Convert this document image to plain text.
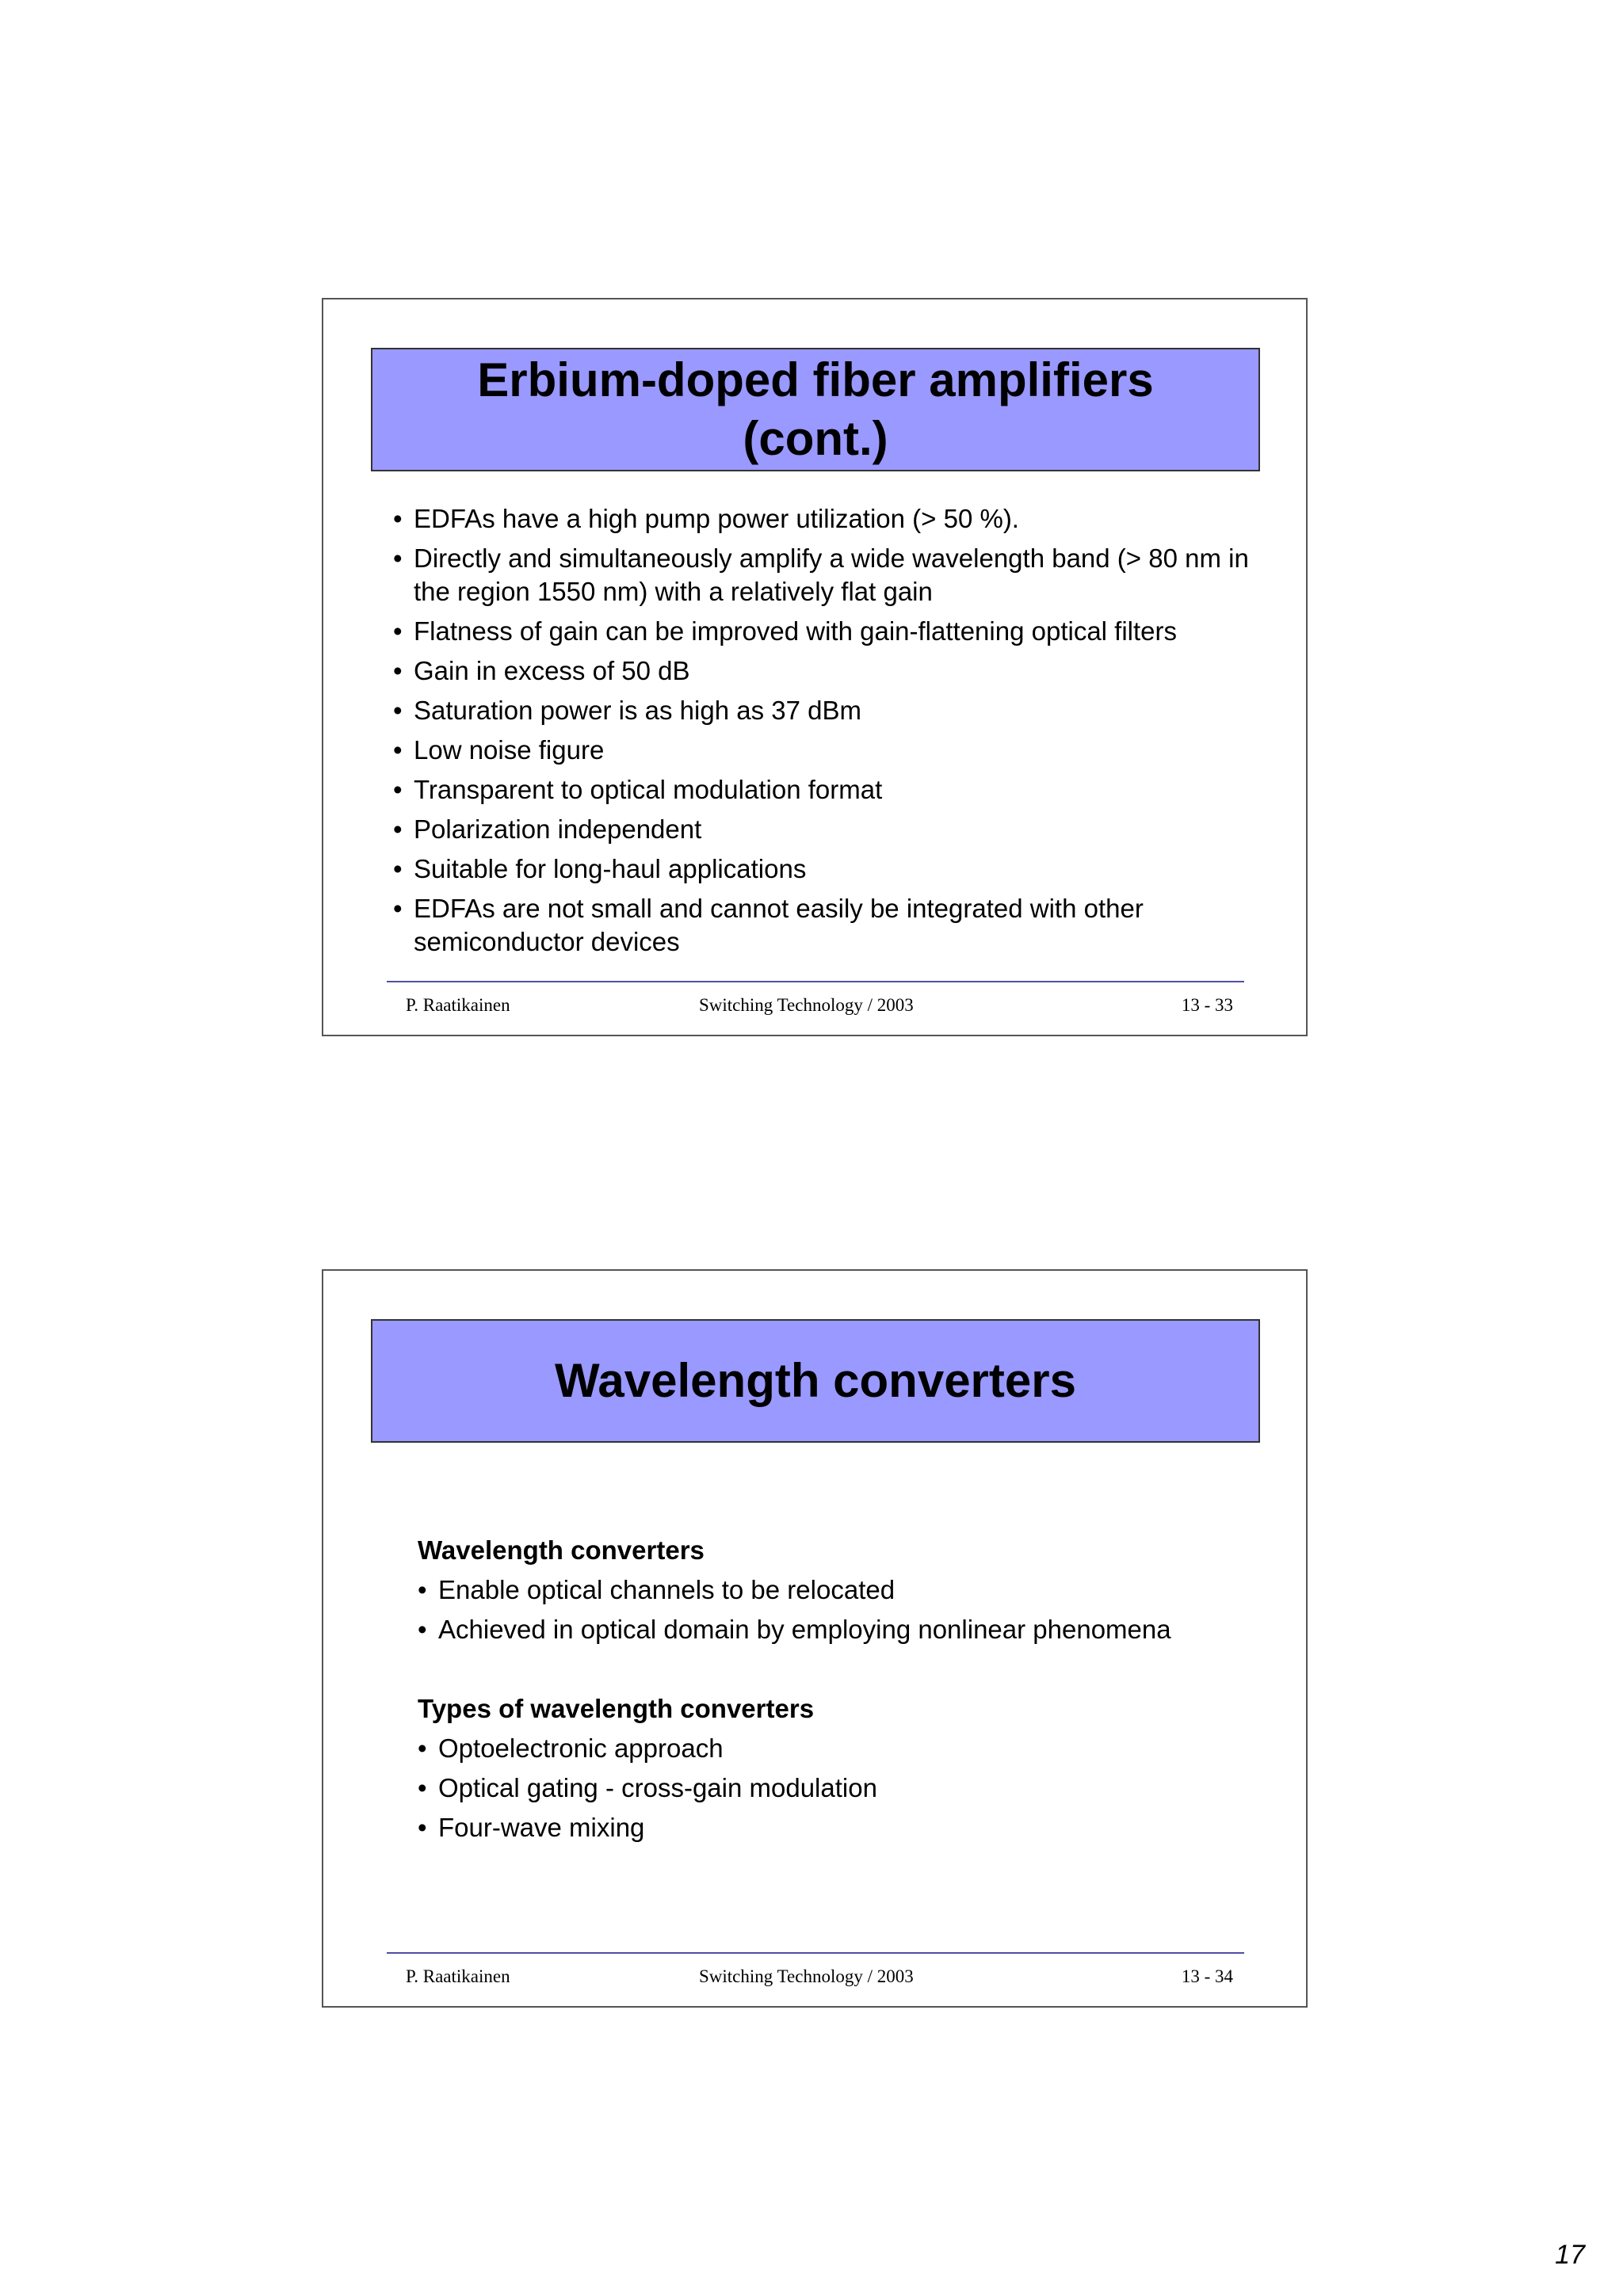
Erbium-doped fiber amplifiers (cont.)
• EDFAs have a high pump power utilization (> 50 %).
• Directly and simultaneously amplify a wide wavelength band (> 80 nm in the region 1550 nm) with a relatively flat gain
• Flatness of gain can be improved with gain-flattening optical filters
• Gain in excess of 50 dB
• Saturation power is as high as 37 dBm
• Low noise figure
• Transparent to optical modulation format
• Polarization independent
• Suitable for long-haul applications
• EDFAs are not small and cannot easily be integrated with other semiconductor devices
P. Raatikainen	Switching Technology / 2003	13 - 33
Wavelength converters
Wavelength converters
• Enable optical channels to be relocated
• Achieved in optical domain by employing nonlinear phenomena
Types of wavelength converters
• Optoelectronic approach
• Optical gating - cross-gain modulation
• Four-wave mixing
P. Raatikainen	Switching Technology / 2003	13 - 34
17
